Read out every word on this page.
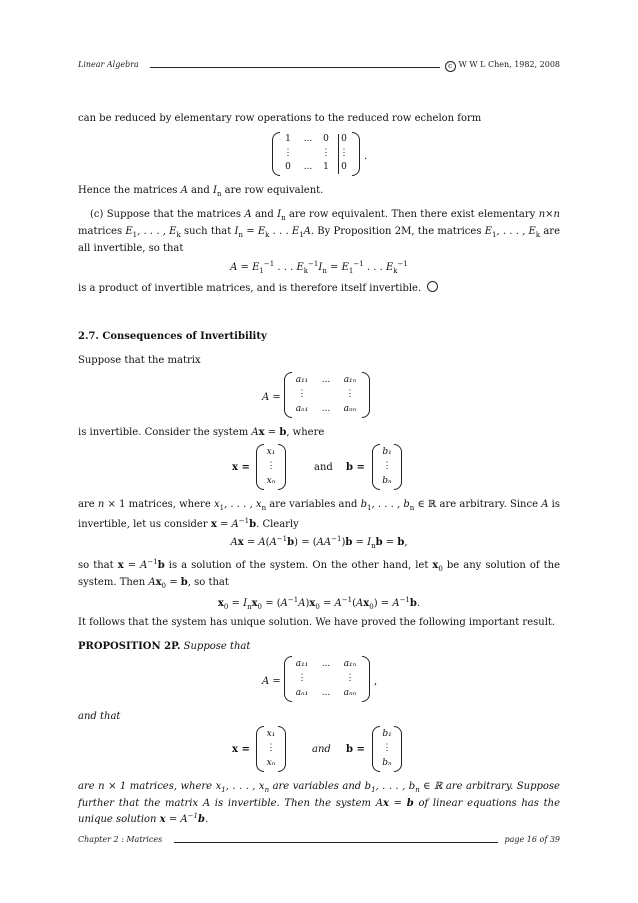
Linear Algebra	c W W L Chen, 1982, 2008
can be reduced by elementary row operations to the reduced row echelon form
1	...	0	0
⋮	⋮	⋮
0	...	1	0
.
Hence the matrices A and $I_n$ are row equivalent.
(c) Suppose that the matrices A and $I_n$ are row equivalent. Then there exist elementary n×n matrices $E_1$, . . . , $E_k$ such that $I_n = E_k$ . . . $E_1A$. By Proposition 2M, the matrices $E_1$, . . . , $E_k$ are all invertible, so that
$A = E_1^{-1}$ . . . $E_k^{-1}I_n = E_1^{-1}$ . . . $E_k^{-1}$
is a product of invertible matrices, and is therefore itself invertible.
2.7. Consequences of Invertibility
Suppose that the matrix
A =
a₁₁	...	a₁ₙ
⋮	⋮
aₙ₁	...	aₙₙ
is invertible. Consider the system Ax = b, where
x =
x₁
⋮
xₙ
and b =
b₁
⋮
bₙ
are n × 1 matrices, where $x_1$, . . . , $x_n$ are variables and $b_1$, . . . , $b_n$ ∈ ℝ are arbitrary. Since A is invertible, let us consider $x = A^{-1}b$. Clearly
$Ax = A(A^{-1}b) = (AA^{-1})b = I_nb = b$,
so that $x = A^{-1}b$ is a solution of the system. On the other hand, let $x_0$ be any solution of the system. Then $Ax_0 = b$, so that
$x_0 = I_nx_0 = (A^{-1}A)x_0 = A^{-1}(Ax_0) = A^{-1}b$.
It follows that the system has unique solution. We have proved the following important result.
PROPOSITION 2P. Suppose that
A =
a₁₁	...	a₁ₙ
⋮	⋮
aₙ₁	...	aₙₙ
,
and that
x =
x₁
⋮
xₙ
and b =
b₁
⋮
bₙ
are n × 1 matrices, where $x_1$, . . . , $x_n$ are variables and $b_1$, . . . , $b_n$ ∈ ℝ are arbitrary. Suppose further that the matrix A is invertible. Then the system Ax = b of linear equations has the unique solution $x = A^{-1}b$.
Chapter 2 : Matrices	page 16 of 39
